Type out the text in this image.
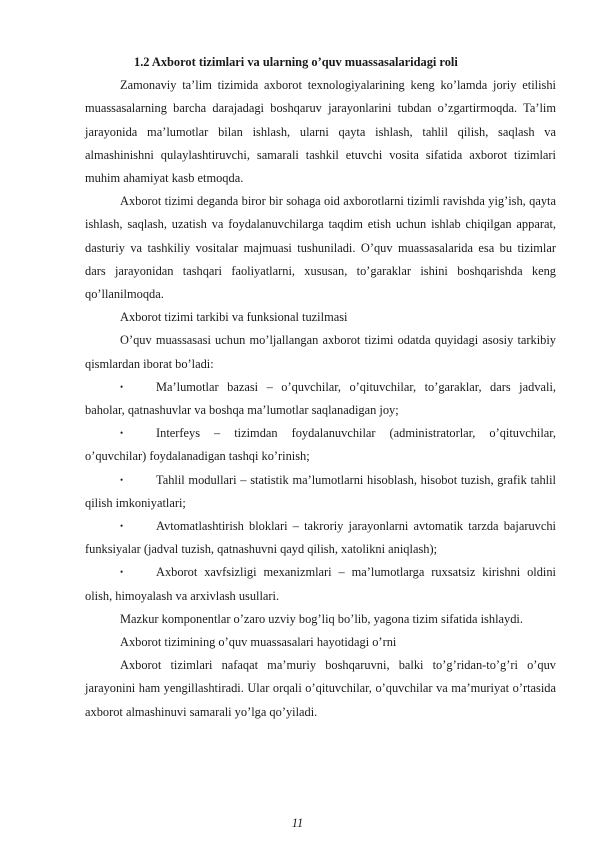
1.2 Axborot tizimlari va ularning o’quv muassasalaridagi roli

Zamonaviy ta’lim tizimida axborot texnologiyalarining keng ko’lamda joriy etilishi muassasalarning barcha darajadagi boshqaruv jarayonlarini tubdan o’zgartirmoqda. Ta’lim jarayonida ma’lumotlar bilan ishlash, ularni qayta ishlash, tahlil qilish, saqlash va almashinishni qulaylashtiruvchi, samarali tashkil etuvchi vosita sifatida axborot tizimlari muhim ahamiyat kasb etmoqda.

Axborot tizimi deganda biror bir sohaga oid axborotlarni tizimli ravishda yig’ish, qayta ishlash, saqlash, uzatish va foydalanuvchilarga taqdim etish uchun ishlab chiqilgan apparat, dasturiy va tashkiliy vositalar majmuasi tushuniladi. O’quv muassasalarida esa bu tizimlar dars jarayonidan tashqari faoliyatlarni, xususan, to’garaklar ishini boshqarishda keng qo’llanilmoqda.

Axborot tizimi tarkibi va funksional tuzilmasi

O’quv muassasasi uchun mo’ljallangan axborot tizimi odatda quyidagi asosiy tarkibiy qismlardan iborat bo’ladi:

•	Ma’lumotlar bazasi – o’quvchilar, o’qituvchilar, to’garaklar, dars jadvali, baholar, qatnashuvlar va boshqa ma’lumotlar saqlanadigan joy;

•	Interfeys – tizimdan foydalanuvchilar (administratorlar, o’qituvchilar, o’quvchilar) foydalanadigan tashqi ko’rinish;

•	Tahlil modullari – statistik ma’lumotlarni hisoblash, hisobot tuzish, grafik tahlil qilish imkoniyatlari;

•	Avtomatlashtirish bloklari – takroriy jarayonlarni avtomatik tarzda bajaruvchi funksiyalar (jadval tuzish, qatnashuvni qayd qilish, xatolikni aniqlash);

•	Axborot xavfsizligi mexanizmlari – ma’lumotlarga ruxsatsiz kirishni oldini olish, himoyalash va arxivlash usullari.

Mazkur komponentlar o’zaro uzviy bog’liq bo’lib, yagona tizim sifatida ishlaydi.

Axborot tizimining o’quv muassasalari hayotidagi o’rni

Axborot tizimlari nafaqat ma’muriy boshqaruvni, balki to’g’ridan-to’g’ri o’quv jarayonini ham yengillashtiradi. Ular orqali o’qituvchilar, o’quvchilar va ma’muriyat o’rtasida axborot almashinuvi samarali yo’lga qo’yiladi.

11
